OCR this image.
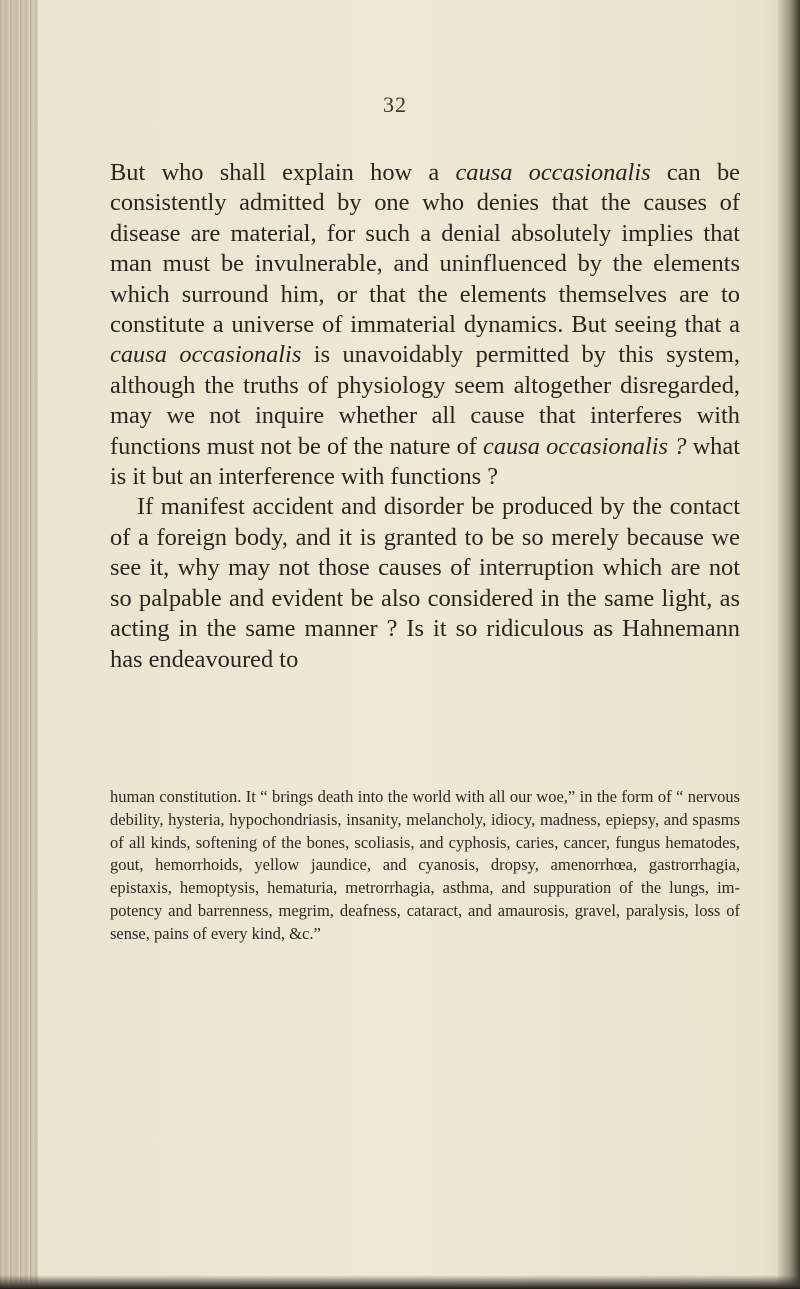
32

But who shall explain how a causa occasionalis can be consistently admitted by one who denies that the causes of disease are material, for such a denial absolutely implies that man must be invulnerable, and uninfluenced by the elements which surround him, or that the elements themselves are to constitute a universe of immaterial dynamics. But seeing that a causa occasionalis is unavoidably permitted by this system, although the truths of physiology seem altogether disregarded, may we not inquire whether all cause that interferes with functions must not be of the nature of causa occasionalis ? what is it but an interference with functions ?

If manifest accident and disorder be produced by the contact of a foreign body, and it is granted to be so merely because we see it, why may not those causes of interruption which are not so palpable and evident be also considered in the same light, as acting in the same manner ? Is it so ridiculous as Hahnemann has endeavoured to

human constitution. It “ brings death into the world with all our woe,” in the form of “ nervous debility, hysteria, hypochondriasis, insanity, melancholy, idiocy, madness, epiepsy, and spasms of all kinds, softening of the bones, scoliasis, and cyphosis, caries, cancer, fungus hematodes, gout, hemorrhoids, yellow jaundice, and cyanosis, dropsy, amenorrhœa, gastrorrhagia, epistaxis, hemoptysis, hematuria, metrorrhagia, asthma, and suppuration of the lungs, impotency and barrenness, megrim, deafness, cataract, and amaurosis, gravel, paralysis, loss of sense, pains of every kind, &c.”
